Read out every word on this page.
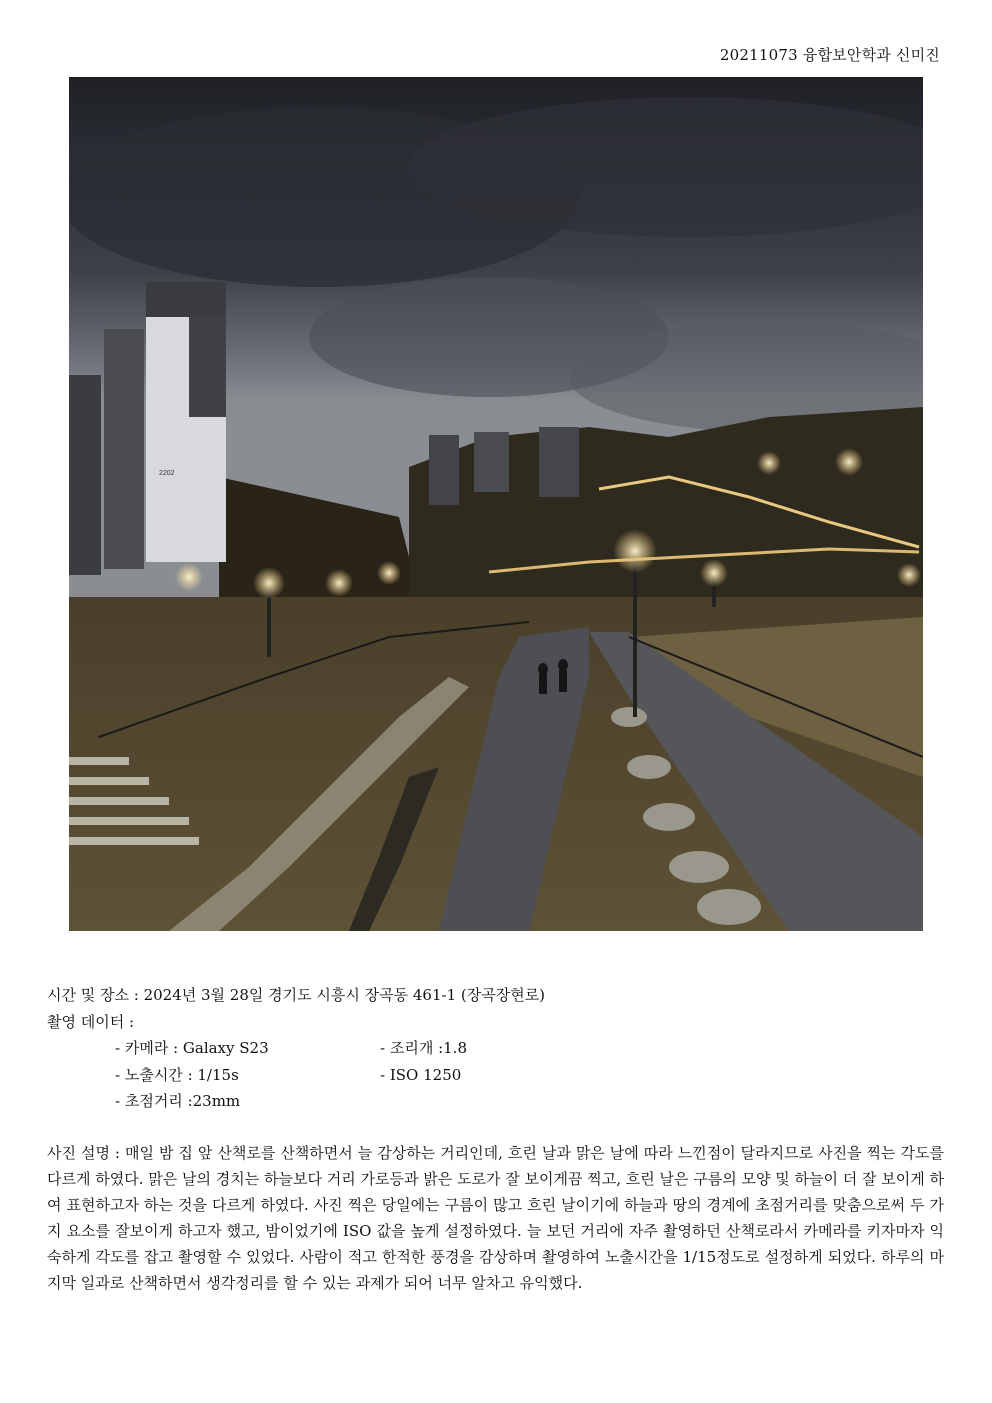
20211073 융합보안학과 신미진
2202
시간 및 장소 : 2024년 3월 28일 경기도 시흥시 장곡동 461-1 (장곡장현로)
촬영 데이터 :
- 카메라 : Galaxy S23	- 조리개 :1.8
- 노출시간 : 1/15s	- ISO 1250
- 초점거리 :23mm
사진 설명 : 매일 밤 집 앞 산책로를 산책하면서 늘 감상하는 거리인데, 흐린 날과 맑은 날에 따라 느낀점이 달라지므로 사진을 찍는 각도를 다르게 하였다. 맑은 날의 경치는 하늘보다 거리 가로등과 밝은 도로가 잘 보이게끔 찍고, 흐린 날은 구름의 모양 및 하늘이 더 잘 보이게 하여 표현하고자 하는 것을 다르게 하였다. 사진 찍은 당일에는 구름이 많고 흐린 날이기에 하늘과 땅의 경계에 초점거리를 맞춤으로써 두 가지 요소를 잘보이게 하고자 했고, 밤이었기에 ISO 값을 높게 설정하였다. 늘 보던 거리에 자주 촬영하던 산책로라서 카메라를 키자마자 익숙하게 각도를 잡고 촬영할 수 있었다. 사람이 적고 한적한 풍경을 감상하며 촬영하여 노출시간을 1/15정도로 설정하게 되었다. 하루의 마지막 일과로 산책하면서 생각정리를 할 수 있는 과제가 되어 너무 알차고 유익했다.
